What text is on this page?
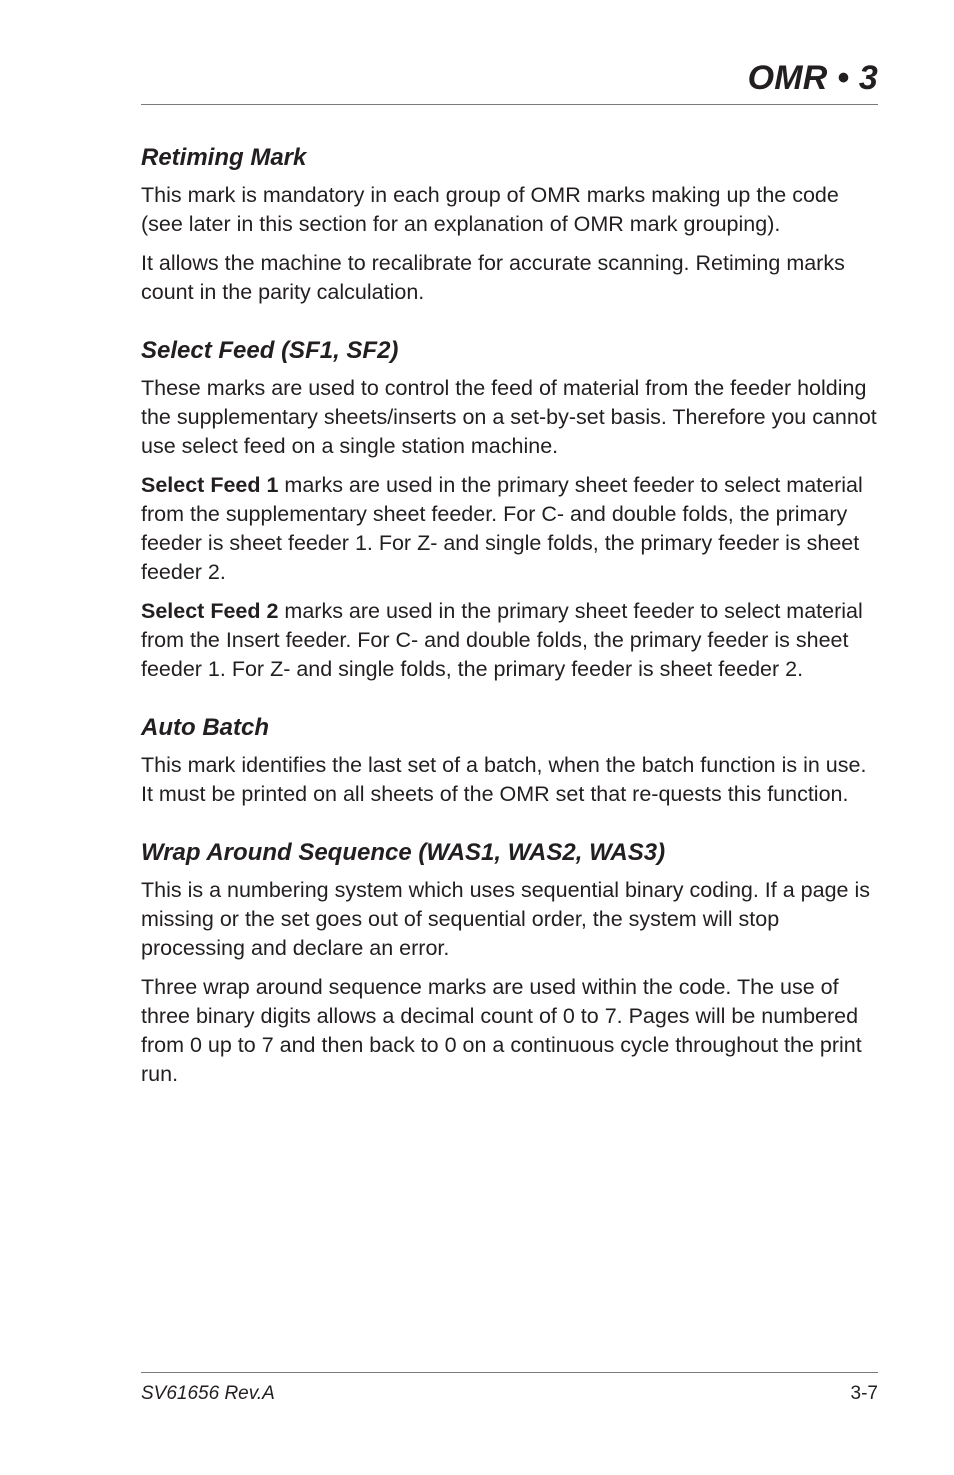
OMR • 3
Retiming Mark

This mark is mandatory in each group of OMR marks making up the code (see later in this section for an explanation of OMR mark grouping).

It allows the machine to recalibrate for accurate scanning. Retiming marks count in the parity calculation.

Select Feed (SF1, SF2)

These marks are used to control the feed of material from the feeder holding the supplementary sheets/inserts on a set-by-set basis. Therefore you cannot use select feed on a single station machine.

Select Feed 1 marks are used in the primary sheet feeder to select material from the supplementary sheet feeder. For C- and double folds, the primary feeder is sheet feeder 1. For Z- and single folds, the primary feeder is sheet feeder 2.

Select Feed 2 marks are used in the primary sheet feeder to select material from the Insert feeder. For C- and double folds, the primary feeder is sheet feeder 1. For Z- and single folds, the primary feeder is sheet feeder 2.

Auto Batch

This mark identifies the last set of a batch, when the batch function is in use. It must be printed on all sheets of the OMR set that re-quests this function.

Wrap Around Sequence (WAS1, WAS2, WAS3)

This is a numbering system which uses sequential binary coding. If a page is missing or the set goes out of sequential order, the system will stop processing and declare an error.

Three wrap around sequence marks are used within the code. The use of three binary digits allows a decimal count of 0 to 7. Pages will be numbered from 0 up to 7 and then back to 0 on a continuous cycle throughout the print run.

SV61656 Rev.A	3-7
